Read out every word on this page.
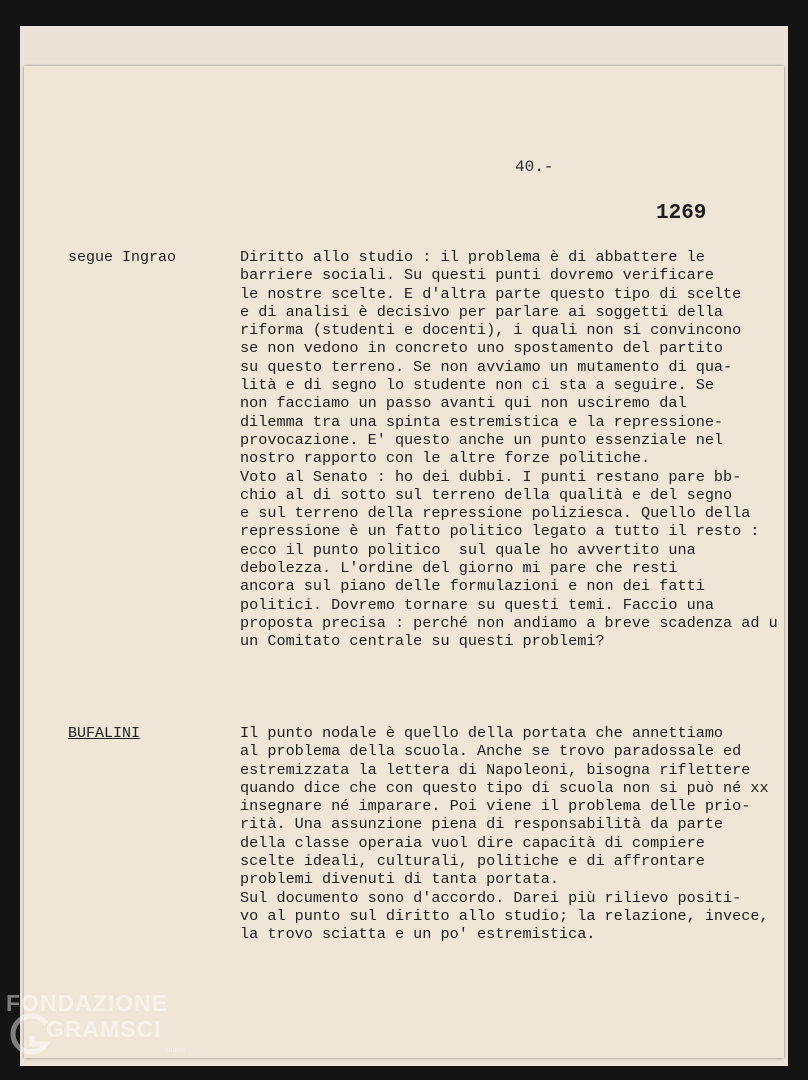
40.-
1269
segue Ingrao	Diritto allo studio : il problema è di abbattere le
barriere sociali. Su questi punti dovremo verificare
le nostre scelte. E d'altra parte questo tipo di scelte
e di analisi è decisivo per parlare ai soggetti della
riforma (studenti e docenti), i quali non si convincono
se non vedono in concreto uno spostamento del partito
su questo terreno. Se non avviamo un mutamento di qua-
lità e di segno lo studente non ci sta a seguire. Se
non facciamo un passo avanti qui non usciremo dal
dilemma tra una spinta estremistica e la repressione-
provocazione. E' questo anche un punto essenziale nel
nostro rapporto con le altre forze politiche.
Voto al Senato : ho dei dubbi. I punti restano pare bb-
chio al di sotto sul terreno della qualità e del segno
e sul terreno della repressione poliziesca. Quello della
repressione è un fatto politico legato a tutto il resto :
ecco il punto politico  sul quale ho avvertito una
debolezza. L'ordine del giorno mi pare che resti
ancora sul piano delle formulazioni e non dei fatti
politici. Dovremo tornare su questi temi. Faccio una
proposta precisa : perché non andiamo a breve scadenza ad u
un Comitato centrale su questi problemi?
BUFALINI	Il punto nodale è quello della portata che annettiamo
al problema della scuola. Anche se trovo paradossale ed
estremizzata la lettera di Napoleoni, bisogna riflettere
quando dice che con questo tipo di scuola non si può né xx
insegnare né imparare. Poi viene il problema delle prio-
rità. Una assunzione piena di responsabilità da parte
della classe operaia vuol dire capacità di compiere
scelte ideali, culturali, politiche e di affrontare
problemi divenuti di tanta portata.
Sul documento sono d'accordo. Darei più rilievo positi-
vo al punto sul diritto allo studio; la relazione, invece,
la trovo sciatta e un po' estremistica.
FONDAZIONE
GRAMSCI
onlus
